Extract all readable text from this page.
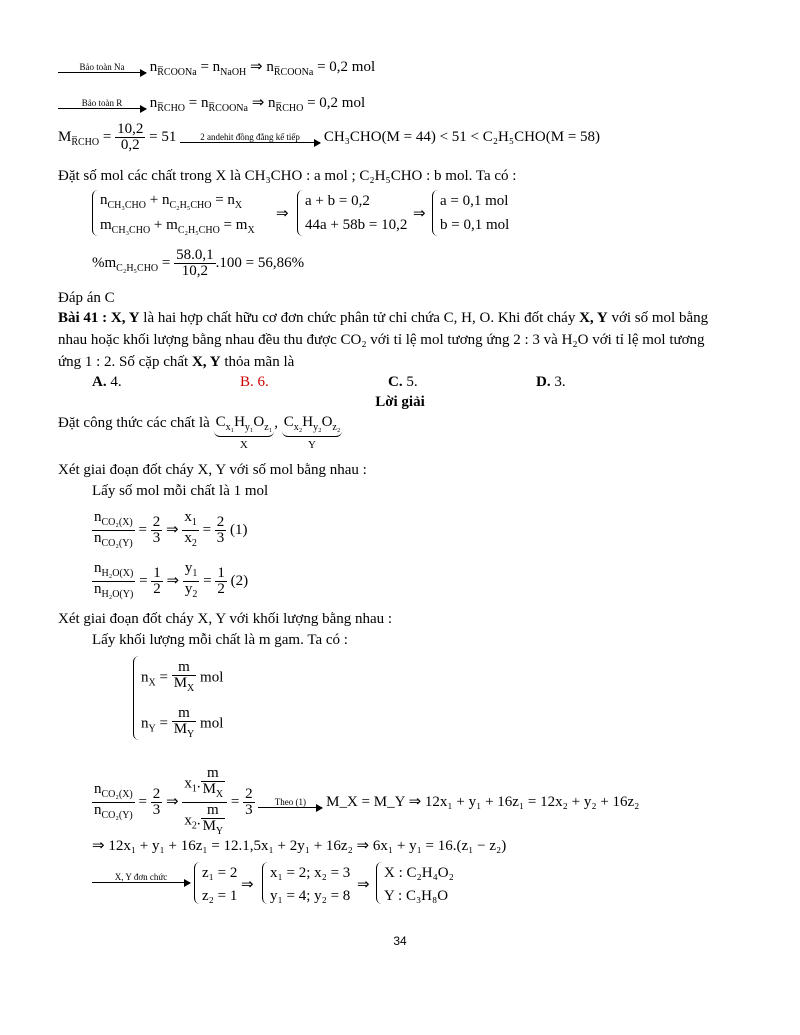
Bảo toàn Na	$n_{R̅COONa} = n_{NaOH}$ ⇒ $n_{R̅COONa} = 0,2$ mol
Bảo toàn R	$n_{R̅CHO} = n_{R̅COONa}$ ⇒ $n_{R̅CHO} = 0,2$ mol
$M_{R̅CHO} = \frac{10,2}{0,2} = 51$	2 andehit đồng đẳng kế tiếp	CH₃CHO(M = 44) < 51 < C₂H₅CHO(M = 58)
Đặt số mol các chất trong X là CH₃CHO : a mol ; C₂H₅CHO : b mol. Ta có :
$n_{CH_3CHO} + n_{C_2H_5CHO} = n_X$
$m_{CH_3CHO} + m_{C_2H_5CHO} = m_X$
⇒
a + b = 0,2
44a + 58b = 10,2
⇒
a = 0,1 mol
b = 0,1 mol
$\%m_{C_2H_5CHO} = \frac{58.0,1}{10,2} .100 = 56,86\%$
Đáp án C
Bài 41 : X, Y là hai hợp chất hữu cơ đơn chức phân tử chỉ chứa C, H, O. Khi đốt cháy X, Y với số mol bằng
nhau hoặc khối lượng bằng nhau đều thu được CO₂ với tỉ lệ mol tương ứng 2 : 3 và H₂O với tỉ lệ mol tương
ứng 1 : 2. Số cặp chất X, Y thỏa mãn là
A. 4.	B. 6.	C. 5.	D. 3.
Lời giải
Đặt công thức các chất là $C_{x_1}H_{y_1}O_{z_1}$
X
, $C_{x_2}H_{y_2}O_{z_2}$
Y
Xét giai đoạn đốt cháy X, Y với số mol bằng nhau :
Lấy số mol mỗi chất là 1 mol
$\frac{n_{CO_2(X)}}{n_{CO_2(Y)}} = \frac{2}{3}$ ⇒ $\frac{x_1}{x_2} = \frac{2}{3} (1)$
$\frac{n_{H_2O(X)}}{n_{H_2O(Y)}} = \frac{1}{2}$ ⇒ $\frac{y_1}{y_2} = \frac{1}{2} (2)$
Xét giai đoạn đốt cháy X, Y với khối lượng bằng nhau :
Lấy khối lượng mỗi chất là m gam. Ta có :
$n_X = \frac{m}{M_X}$ mol
$n_Y = \frac{m}{M_Y}$ mol
$\frac{n_{CO_2(X)}}{n_{CO_2(Y)}} = \frac{2}{3}$ ⇒ $\frac{x_1. \frac{m}{M_X}}{x_2. \frac{m}{M_Y}} = \frac{2}{3}$
	Theo (1)	M_X = M_Y ⇒ 12x₁ + y₁ + 16z₁ = 12x₂ + y₂ + 16z₂
⇒ 12x₁ + y₁ + 16z₁ = 12.1,5x₁ + 2y₁ + 16z₂ ⇒ 6x₁ + y₁ = 16.(z₁ − z₂)
X, Y đơn chức	z₁ = 2
z₂ = 1
⇒
x₁ = 2; x₂ = 3
y₁ = 4; y₂ = 8
⇒
X : C₂H₄O₂
Y : C₃H₈O
34
